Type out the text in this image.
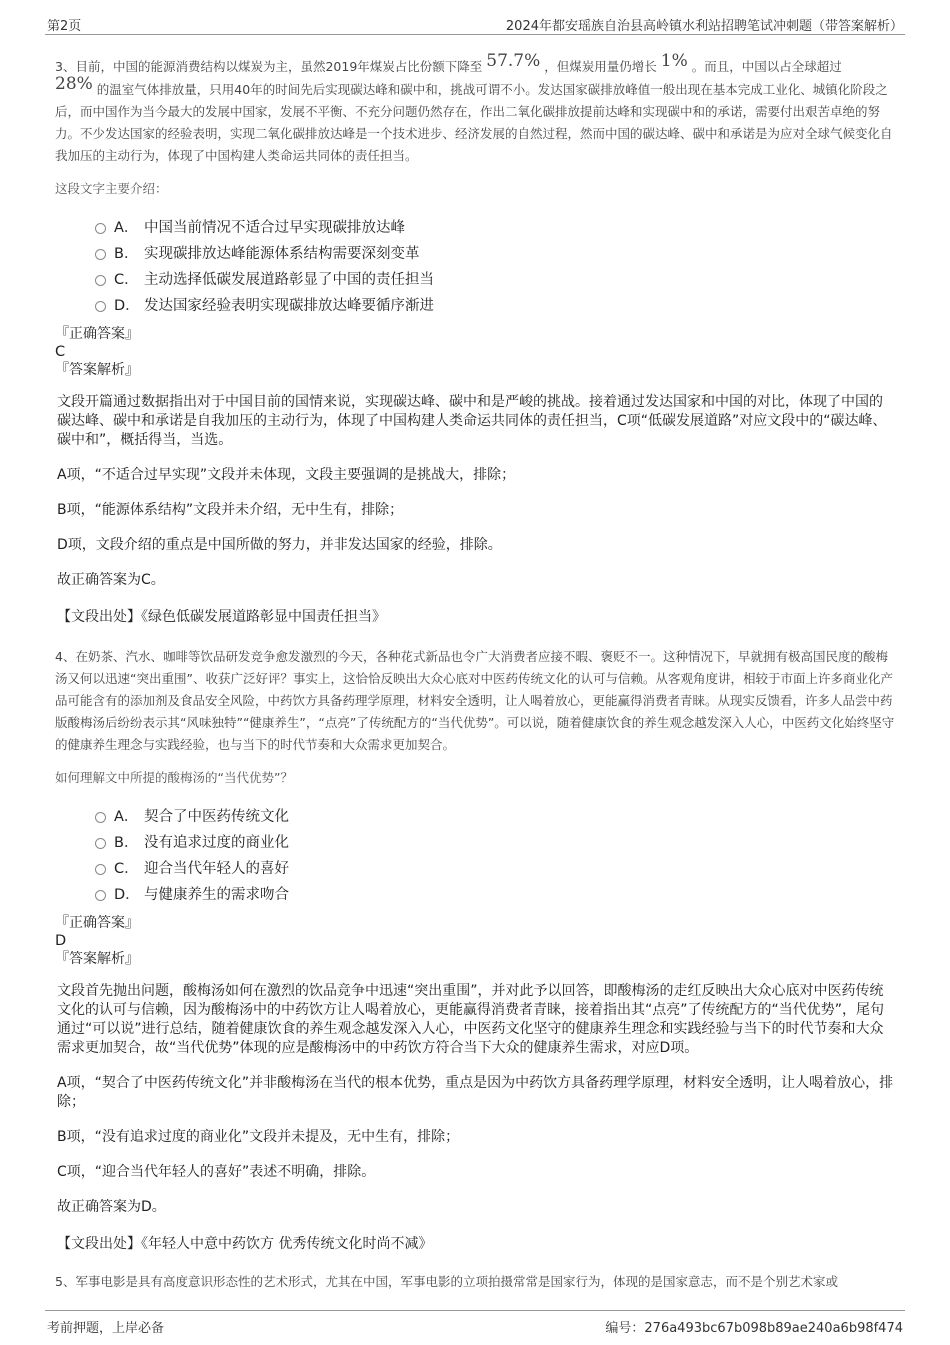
第2页	2024年都安瑶族自治县高岭镇水利站招聘笔试冲刺题（带答案解析）

3、目前，中国的能源消费结构以煤炭为主，虽然2019年煤炭占比份额下降至 57.7% ，但煤炭用量仍增长 1% 。而且，中国以占全球超过
28% 的温室气体排放量，只用40年的时间先后实现碳达峰和碳中和，挑战可谓不小。发达国家碳排放峰值一般出现在基本完成工业化、城镇化阶段之后，而中国作为当今最大的发展中国家，发展不平衡、不充分问题仍然存在，作出二氧化碳排放提前达峰和实现碳中和的承诺，需要付出艰苦卓绝的努力。不少发达国家的经验表明，实现二氧化碳排放达峰是一个技术进步、经济发展的自然过程，然而中国的碳达峰、碳中和承诺是为应对全球气候变化自我加压的主动行为，体现了中国构建人类命运共同体的责任担当。

这段文字主要介绍：

A． 中国当前情况不适合过早实现碳排放达峰
B． 实现碳排放达峰能源体系结构需要深刻变革
C． 主动选择低碳发展道路彰显了中国的责任担当
D． 发达国家经验表明实现碳排放达峰要循序渐进

『正确答案』

C

『答案解析』

文段开篇通过数据指出对于中国目前的国情来说，实现碳达峰、碳中和是严峻的挑战。接着通过发达国家和中国的对比，体现了中国的碳达峰、碳中和承诺是自我加压的主动行为，体现了中国构建人类命运共同体的责任担当，C项“低碳发展道路”对应文段中的“碳达峰、碳中和”，概括得当，当选。

A项，“不适合过早实现”文段并未体现，文段主要强调的是挑战大，排除；

B项，“能源体系结构”文段并未介绍，无中生有，排除；

D项，文段介绍的重点是中国所做的努力，并非发达国家的经验，排除。

故正确答案为C。

【文段出处】《绿色低碳发展道路彰显中国责任担当》

4、在奶茶、汽水、咖啡等饮品研发竞争愈发激烈的今天，各种花式新品也令广大消费者应接不暇、褒贬不一。这种情况下，早就拥有极高国民度的酸梅汤又何以迅速“突出重围”、收获广泛好评？事实上，这恰恰反映出大众心底对中医药传统文化的认可与信赖。从客观角度讲，相较于市面上许多商业化产品可能含有的添加剂及食品安全风险，中药饮方具备药理学原理，材料安全透明，让人喝着放心，更能赢得消费者青睐。从现实反馈看，许多人品尝中药版酸梅汤后纷纷表示其“风味独特”“健康养生”，“点亮”了传统配方的“当代优势”。可以说，随着健康饮食的养生观念越发深入人心，中医药文化始终坚守的健康养生理念与实践经验，也与当下的时代节奏和大众需求更加契合。

如何理解文中所提的酸梅汤的“当代优势”？

A． 契合了中医药传统文化
B． 没有追求过度的商业化
C． 迎合当代年轻人的喜好
D． 与健康养生的需求吻合

『正确答案』

D

『答案解析』

文段首先抛出问题，酸梅汤如何在激烈的饮品竞争中迅速“突出重围”，并对此予以回答，即酸梅汤的走红反映出大众心底对中医药传统文化的认可与信赖，因为酸梅汤中的中药饮方让人喝着放心，更能赢得消费者青睐，接着指出其“点亮”了传统配方的“当代优势”，尾句通过“可以说”进行总结，随着健康饮食的养生观念越发深入人心，中医药文化坚守的健康养生理念和实践经验与当下的时代节奏和大众需求更加契合，故“当代优势”体现的应是酸梅汤中的中药饮方符合当下大众的健康养生需求，对应D项。

A项，“契合了中医药传统文化”并非酸梅汤在当代的根本优势，重点是因为中药饮方具备药理学原理，材料安全透明，让人喝着放心，排除；

B项，“没有追求过度的商业化”文段并未提及，无中生有，排除；

C项，“迎合当代年轻人的喜好”表述不明确，排除。

故正确答案为D。

【文段出处】《年轻人中意中药饮方 优秀传统文化时尚不减》

5、军事电影是具有高度意识形态性的艺术形式，尤其在中国，军事电影的立项拍摄常常是国家行为，体现的是国家意志，而不是个别艺术家或

考前押题，上岸必备	编号：276a493bc67b098b89ae240a6b98f474
